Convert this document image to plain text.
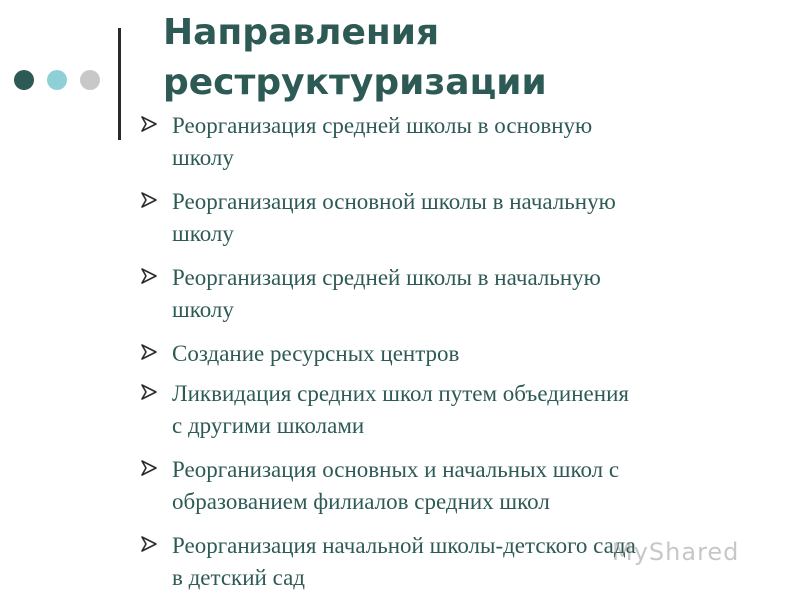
Направления
реструктуризации
Реорганизация средней школы в основную
школу
Реорганизация основной школы в начальную
школу
Реорганизация средней школы в начальную
школу
Создание ресурсных центров
Ликвидация средних школ путем объединения
с другими школами
Реорганизация основных и начальных школ с
образованием филиалов средних школ
Реорганизация начальной школы-детского сада
в детский сад
MyShared
